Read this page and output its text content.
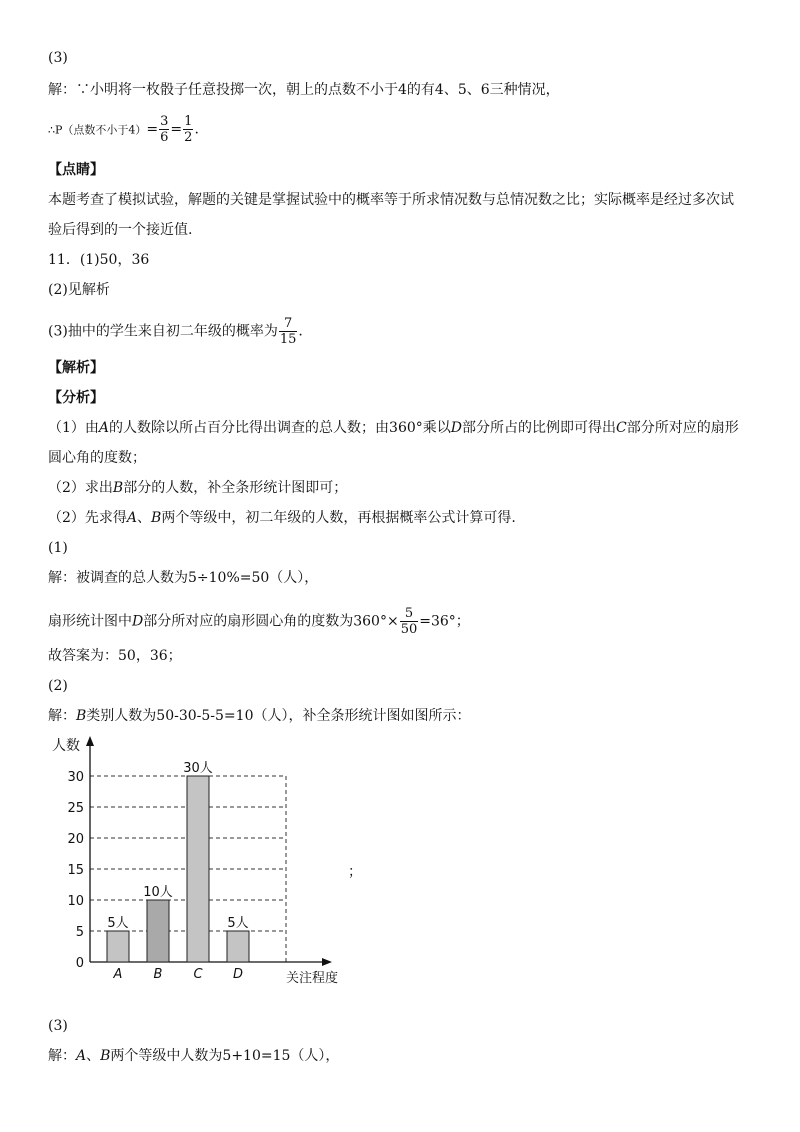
(3)
解：∵小明将一枚骰子任意投掷一次，朝上的点数不小于4的有4、5、6三种情况，
∴P（点数不小于$4)= \frac{3}{6} = \frac{1}{2}$ .
【点睛】
本题考查了模拟试验，解题的关键是掌握试验中的概率等于所求情况数与总情况数之比；实际概率是经过多次试
验后得到的一个接近值.
11．(1)50，36
(2)见解析
(3)抽中的学生来自初二年级的概率为 $\frac{7}{15}$ .
【解析】
【分析】
（1）由A的人数除以所占百分比得出调查的总人数；由360°乘以D部分所占的比例即可得出C部分所对应的扇形
圆心角的度数；
（2）求出B部分的人数，补全条形统计图即可；
（2）先求得A、B两个等级中，初二年级的人数，再根据概率公式计算可得.
(1)
解：被调查的总人数为5÷10%=50（人），
扇形统计图中D部分所对应的扇形圆心角的度数为$360^\circ\times \frac{5}{50} =36^\circ$；
故答案为：50，36；
(2)
解：B类别人数为50-30-5-5=10（人），补全条形统计图如图所示：
0
5
10
15
20
25
30
人数
关注程度
5人
A
10人
B
30人
C
5人
D
；
(3)
解：A、B两个等级中人数为5+10=15（人），
